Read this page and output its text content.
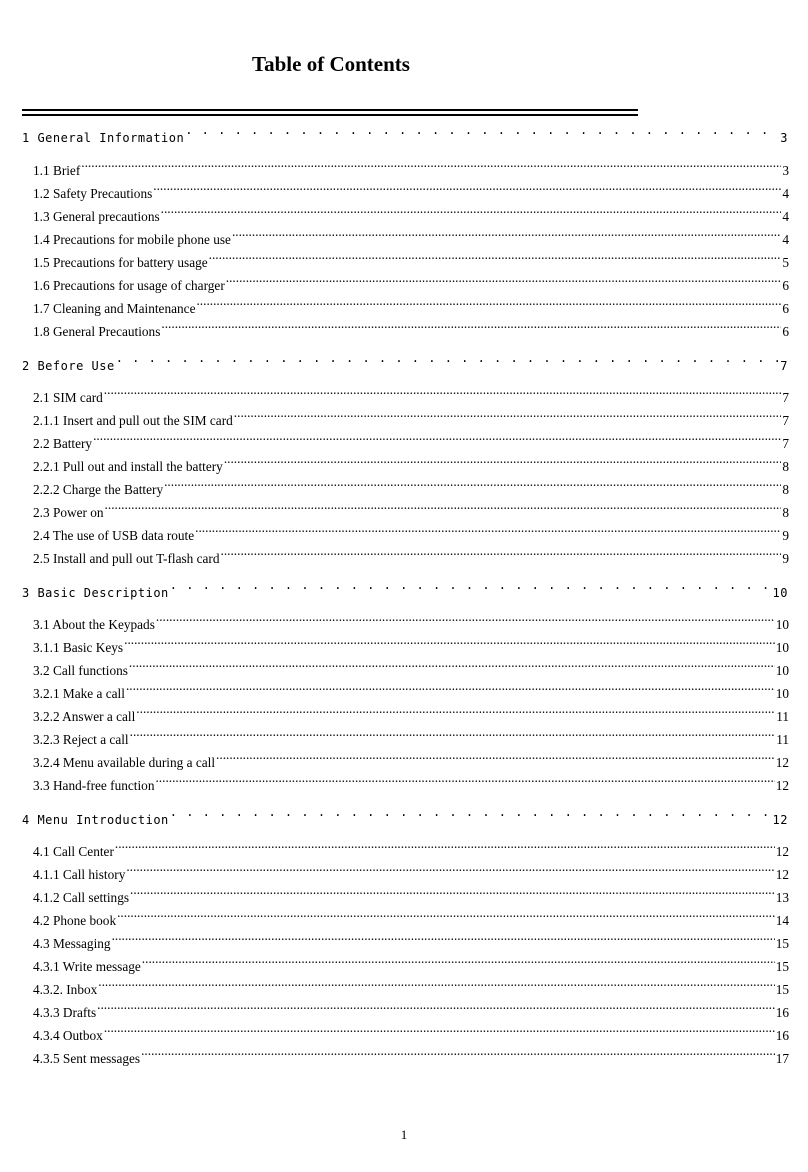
Table of Contents
1 General Information . . .	3
1.1 Brief .....	3
1.2 Safety Precautions .....	4
1.3 General precautions .....	4
1.4 Precautions for mobile phone use .....	4
1.5 Precautions for battery usage .....	5
1.6 Precautions for usage of charger .....	6
1.7 Cleaning and Maintenance .....	6
1.8 General Precautions .....	6
2 Before Use . . .	7
2.1 SIM card .....	7
2.1.1 Insert and pull out the SIM card .....	7
2.2 Battery .....	7
2.2.1 Pull out and install the battery .....	8
2.2.2 Charge the Battery .....	8
2.3 Power on .....	8
2.4 The use of USB data route .....	9
2.5 Install and pull out T-flash card .....	9
3 Basic Description . . .	10
3.1 About the Keypads .....	10
3.1.1 Basic Keys .....	10
3.2 Call functions .....	10
3.2.1 Make a call .....	10
3.2.2 Answer a call .....	11
3.2.3 Reject a call .....	11
3.2.4 Menu available during a call .....	12
3.3 Hand-free function .....	12
4 Menu Introduction . . .	12
4.1 Call Center .....	12
4.1.1 Call history .....	12
4.1.2 Call settings .....	13
4.2 Phone book .....	14
4.3 Messaging .....	15
4.3.1 Write message .....	15
4.3.2. Inbox .....	15
4.3.3 Drafts .....	16
4.3.4 Outbox .....	16
4.3.5 Sent messages .....	17
1
